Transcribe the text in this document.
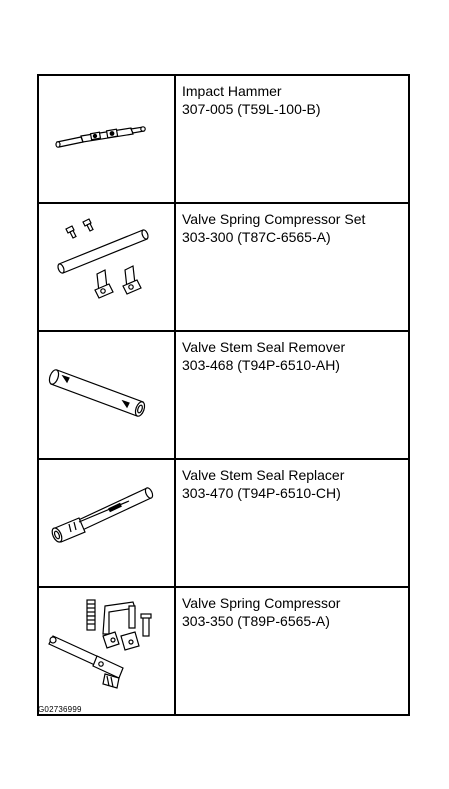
Impact Hammer
307-005 (T59L-100-B)

Valve Spring Compressor Set
303-300 (T87C-6565-A)

Valve Stem Seal Remover
303-468 (T94P-6510-AH)

Valve Stem Seal Replacer
303-470 (T94P-6510-CH)

Valve Spring Compressor
303-350 (T89P-6565-A)
G02736999
